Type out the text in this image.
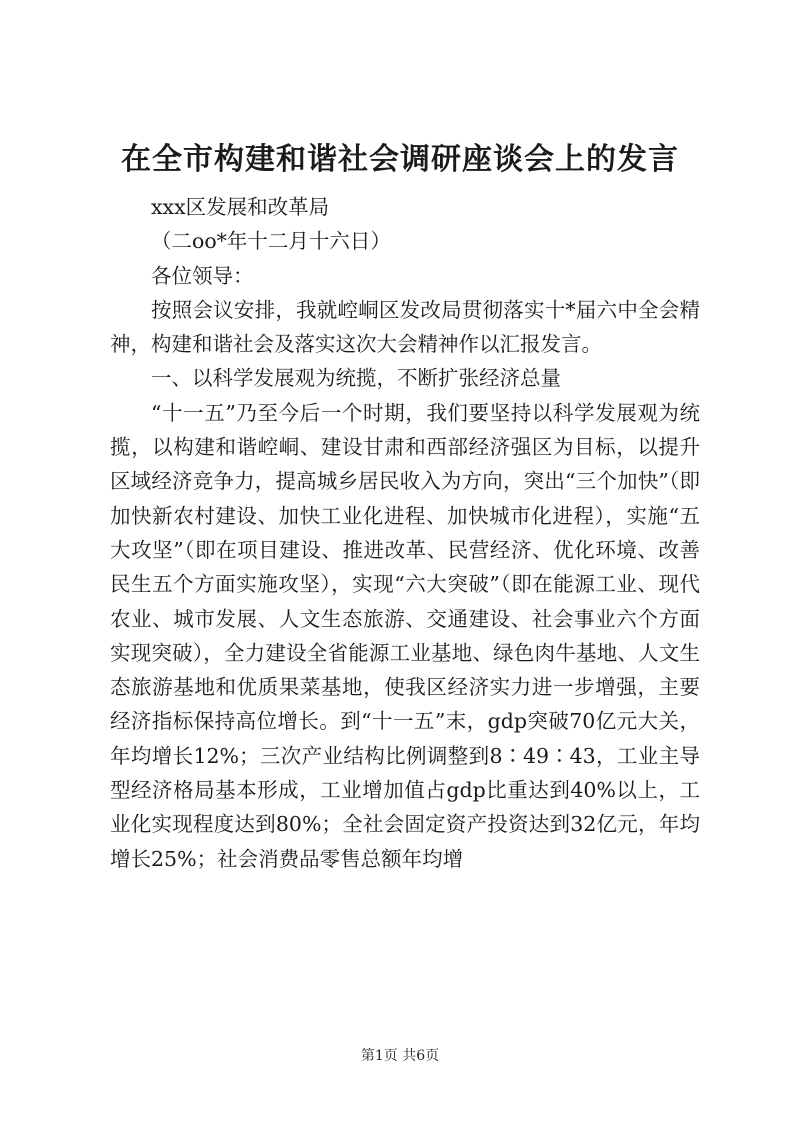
在全市构建和谐社会调研座谈会上的发言

xxx区发展和改革局

（二oo*年十二月十六日）

各位领导：

按照会议安排，我就崆峒区发改局贯彻落实十*届六中全会精神，构建和谐社会及落实这次大会精神作以汇报发言。

一、以科学发展观为统揽，不断扩张经济总量

“十一五”乃至今后一个时期，我们要坚持以科学发展观为统揽，以构建和谐崆峒、建设甘肃和西部经济强区为目标，以提升区域经济竞争力，提高城乡居民收入为方向，突出“三个加快”（即加快新农村建设、加快工业化进程、加快城市化进程），实施“五大攻坚”（即在项目建设、推进改革、民营经济、优化环境、改善民生五个方面实施攻坚），实现“六大突破”（即在能源工业、现代农业、城市发展、人文生态旅游、交通建设、社会事业六个方面实现突破），全力建设全省能源工业基地、绿色肉牛基地、人文生态旅游基地和优质果菜基地，使我区经济实力进一步增强，主要经济指标保持高位增长。到“十一五”末，gdp突破70亿元大关，年均增长12%；三次产业结构比例调整到8∶49∶43，工业主导型经济格局基本形成，工业增加值占gdp比重达到40%以上，工业化实现程度达到80%；全社会固定资产投资达到32亿元，年均增长25%；社会消费品零售总额年均增

第1页 共6页
